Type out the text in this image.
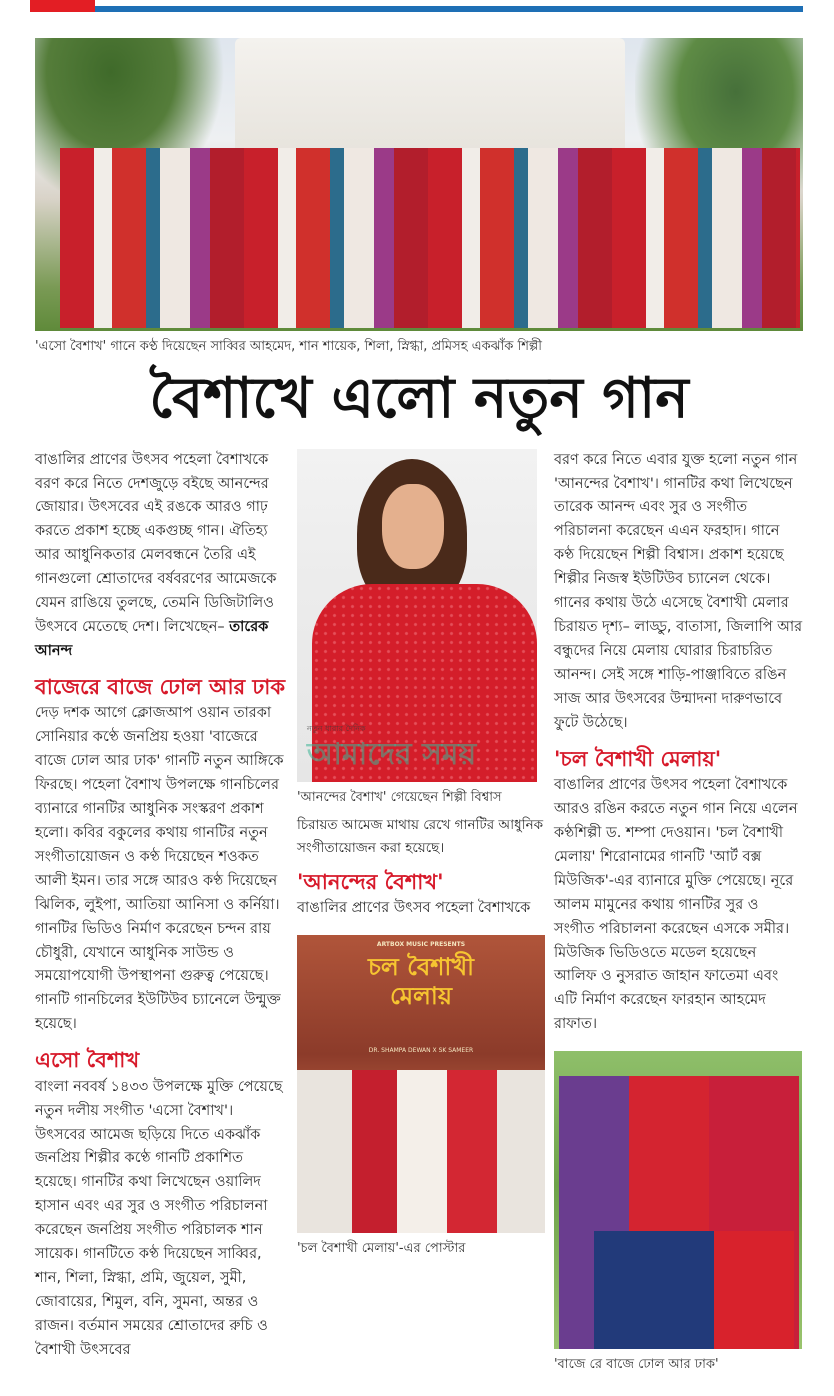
'এসো বৈশাখ' গানে কণ্ঠ দিয়েছেন সাব্বির আহমেদ, শান শায়েক, শিলা, স্নিগ্ধা, প্রমিসহ একঝাঁক শিল্পী
বৈশাখে এলো নতুন গান
বাঙালির প্রাণের উৎসব পহেলা বৈশাখকে বরণ করে নিতে দেশজুড়ে বইছে আনন্দের জোয়ার। উৎসবের এই রঙকে আরও গাঢ় করতে প্রকাশ হচ্ছে একগুচ্ছ গান। ঐতিহ্য আর আধুনিকতার মেলবন্ধনে তৈরি এই গানগুলো শ্রোতাদের বর্ষবরণের আমেজকে যেমন রাঙিয়ে তুলছে, তেমনি ডিজিটালিও উৎসবে মেতেছে দেশ। লিখেছেন– তারেক আনন্দ
বাজেরে বাজে ঢোল আর ঢাক
দেড় দশক আগে ক্লোজআপ ওয়ান তারকা সোনিয়ার কণ্ঠে জনপ্রিয় হওয়া 'বাজেরে বাজে ঢোল আর ঢাক' গানটি নতুন আঙ্গিকে ফিরছে। পহেলা বৈশাখ উপলক্ষে গানচিলের ব্যানারে গানটির আধুনিক সংস্করণ প্রকাশ হলো। কবির বকুলের কথায় গানটির নতুন সংগীতায়োজন ও কণ্ঠ দিয়েছেন শওকত আলী ইমন। তার সঙ্গে আরও কণ্ঠ দিয়েছেন ঝিলিক, লুইপা, আতিয়া আনিসা ও কর্নিয়া। গানটির ভিডিও নির্মাণ করেছেন চন্দন রায় চৌধুরী, যেখানে আধুনিক সাউন্ড ও সময়োপযোগী উপস্থাপনা গুরুত্ব পেয়েছে। গানটি গানচিলের ইউটিউব চ্যানেলে উন্মুক্ত হয়েছে।
এসো বৈশাখ
বাংলা নববর্ষ ১৪৩৩ উপলক্ষে মুক্তি পেয়েছে নতুন দলীয় সংগীত 'এসো বৈশাখ'। উৎসবের আমেজ ছড়িয়ে দিতে একঝাঁক জনপ্রিয় শিল্পীর কণ্ঠে গানটি প্রকাশিত হয়েছে। গানটির কথা লিখেছেন ওয়ালিদ হাসান এবং এর সুর ও সংগীত পরিচালনা করেছেন জনপ্রিয় সংগীত পরিচালক শান সায়েক। গানটিতে কণ্ঠ দিয়েছেন সাব্বির, শান, শিলা, স্নিগ্ধা, প্রমি, জুয়েল, সুমী, জোবায়ের, শিমুল, বনি, সুমনা, অন্তর ও রাজন। বর্তমান সময়ের শ্রোতাদের রুচি ও বৈশাখী উৎসবের
নতুন ধারার দৈনিক
আমাদের সময়
'আনন্দের বৈশাখ' গেয়েছেন শিল্পী বিশ্বাস
চিরায়ত আমেজ মাথায় রেখে গানটির আধুনিক সংগীতায়োজন করা হয়েছে।
'আনন্দের বৈশাখ'
বাঙালির প্রাণের উৎসব পহেলা বৈশাখকে
ARTBOX MUSIC PRESENTS
চল বৈশাখী মেলায়
DR. SHAMPA DEWAN X SK SAMEER
'চল বৈশাখী মেলায়'-এর পোস্টার
বরণ করে নিতে এবার যুক্ত হলো নতুন গান 'আনন্দের বৈশাখ'। গানটির কথা লিখেছেন তারেক আনন্দ এবং সুর ও সংগীত পরিচালনা করেছেন এএন ফরহাদ। গানে কণ্ঠ দিয়েছেন শিল্পী বিশ্বাস। প্রকাশ হয়েছে শিল্পীর নিজস্ব ইউটিউব চ্যানেল থেকে। গানের কথায় উঠে এসেছে বৈশাখী মেলার চিরায়ত দৃশ্য– লাড্ডু, বাতাসা, জিলাপি আর বন্ধুদের নিয়ে মেলায় ঘোরার চিরাচরিত আনন্দ। সেই সঙ্গে শাড়ি-পাঞ্জাবিতে রঙিন সাজ আর উৎসবের উন্মাদনা দারুণভাবে ফুটে উঠেছে।
'চল বৈশাখী মেলায়'
বাঙালির প্রাণের উৎসব পহেলা বৈশাখকে আরও রঙিন করতে নতুন গান নিয়ে এলেন কণ্ঠশিল্পী ড. শম্পা দেওয়ান। 'চল বৈশাখী মেলায়' শিরোনামের গানটি 'আর্ট বক্স মিউজিক'-এর ব্যানারে মুক্তি পেয়েছে। নূরে আলম মামুনের কথায় গানটির সুর ও সংগীত পরিচালনা করেছেন এসকে সমীর। মিউজিক ভিডিওতে মডেল হয়েছেন আলিফ ও নুসরাত জাহান ফাতেমা এবং এটি নির্মাণ করেছেন ফারহান আহমেদ রাফাত।
'বাজে রে বাজে ঢোল আর ঢাক'
